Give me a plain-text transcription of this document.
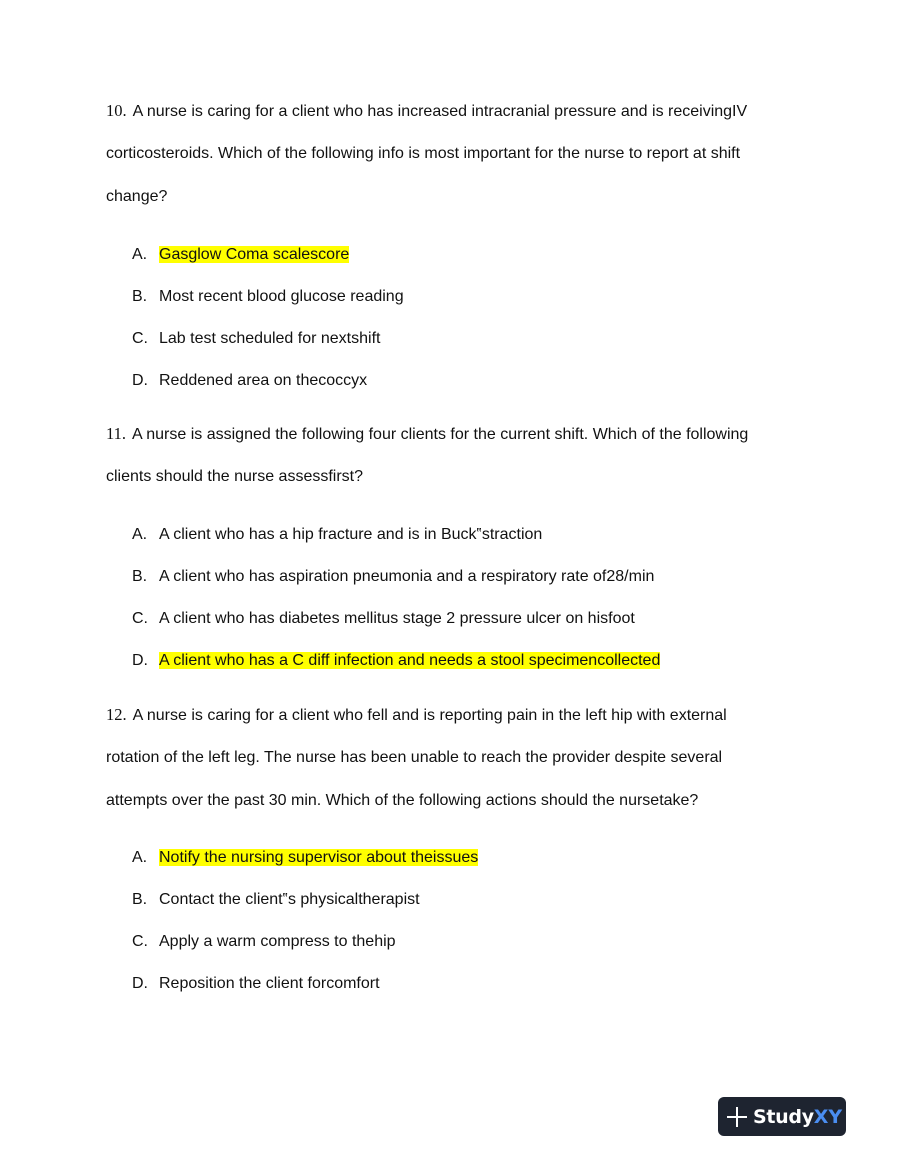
10. A nurse is caring for a client who has increased intracranial pressure and is receivingIV
corticosteroids. Which of the following info is most important for the nurse to report at shift
change?
A. Gasglow Coma scalescore
B. Most recent blood glucose reading
C. Lab test scheduled for nextshift
D. Reddened area on thecoccyx
11. A nurse is assigned the following four clients for the current shift. Which of the following
clients should the nurse assessfirst?
A. A client who has a hip fracture and is in Buck‟straction
B. A client who has aspiration pneumonia and a respiratory rate of28/min
C. A client who has diabetes mellitus stage 2 pressure ulcer on hisfoot
D. A client who has a C diff infection and needs a stool specimencollected
12. A nurse is caring for a client who fell and is reporting pain in the left hip with external
rotation of the left leg. The nurse has been unable to reach the provider despite several
attempts over the past 30 min. Which of the following actions should the nursetake?
A. Notify the nursing supervisor about theissues
B. Contact the client‟s physicaltherapist
C. Apply a warm compress to thehip
D. Reposition the client forcomfort
Study XY
